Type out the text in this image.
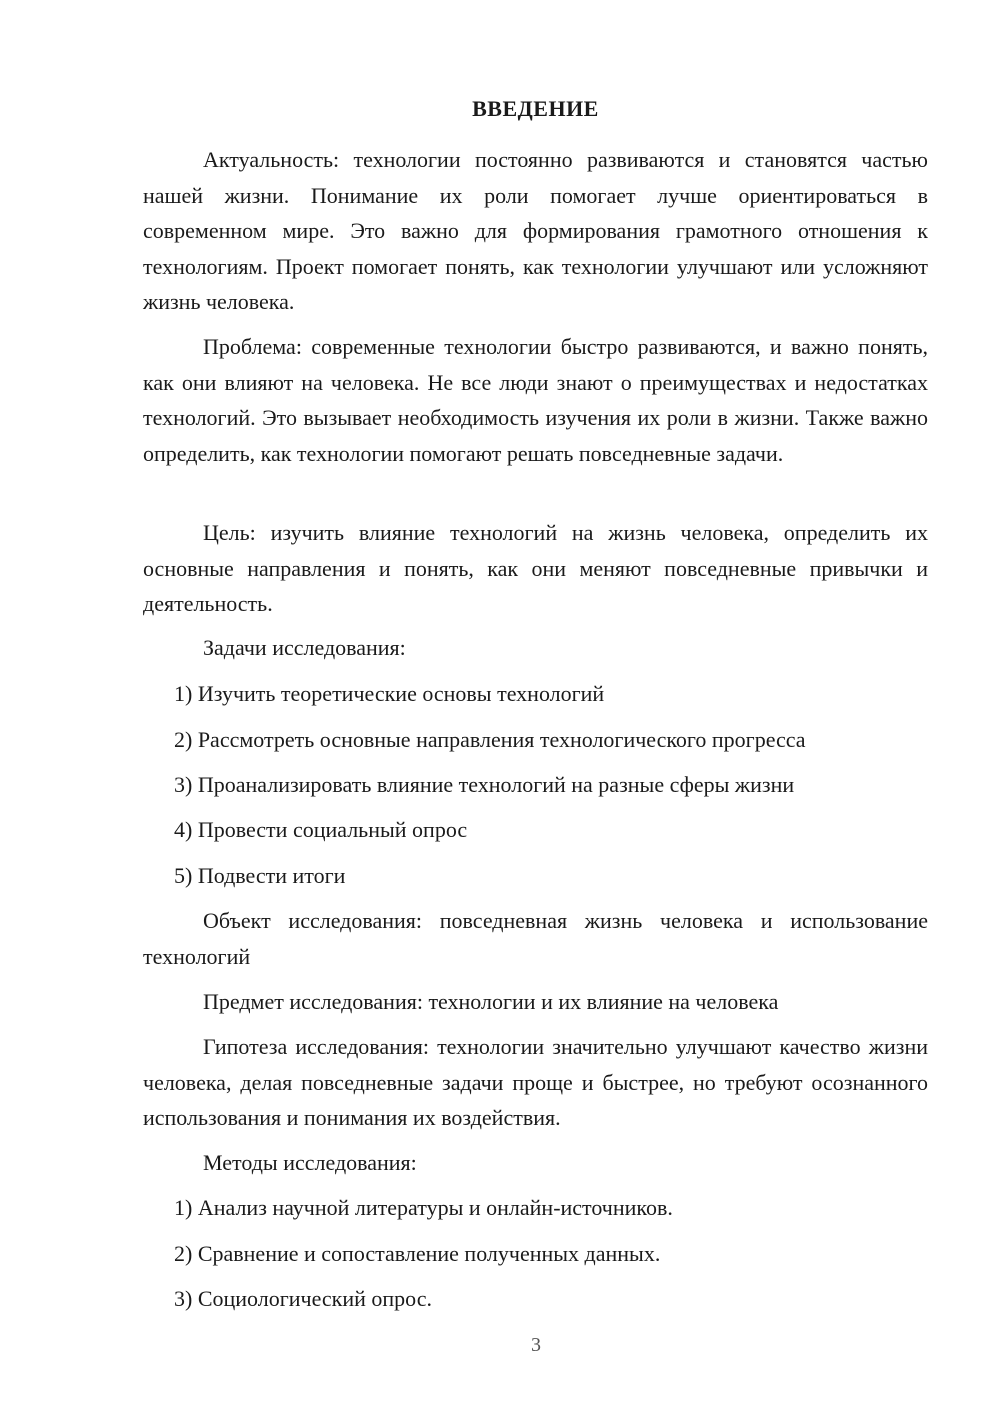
ВВЕДЕНИЕ

Актуальность: технологии постоянно развиваются и становятся частью нашей жизни. Понимание их роли помогает лучше ориентироваться в современном мире. Это важно для формирования грамотного отношения к технологиям. Проект помогает понять, как технологии улучшают или усложняют жизнь человека.

Проблема: современные технологии быстро развиваются, и важно понять, как они влияют на человека. Не все люди знают о преимуществах и недостатках технологий. Это вызывает необходимость изучения их роли в жизни. Также важно определить, как технологии помогают решать повседневные задачи.

Цель: изучить влияние технологий на жизнь человека, определить их основные направления и понять, как они меняют повседневные привычки и деятельность.

Задачи исследования:

1) Изучить теоретические основы технологий

2) Рассмотреть основные направления технологического прогресса

3) Проанализировать влияние технологий на разные сферы жизни

4) Провести социальный опрос

5) Подвести итоги

Объект исследования: повседневная жизнь человека и использование технологий

Предмет исследования: технологии и их влияние на человека

Гипотеза исследования: технологии значительно улучшают качество жизни человека, делая повседневные задачи проще и быстрее, но требуют осознанного использования и понимания их воздействия.

Методы исследования:

1) Анализ научной литературы и онлайн-источников.

2) Сравнение и сопоставление полученных данных.

3) Социологический опрос.

3
